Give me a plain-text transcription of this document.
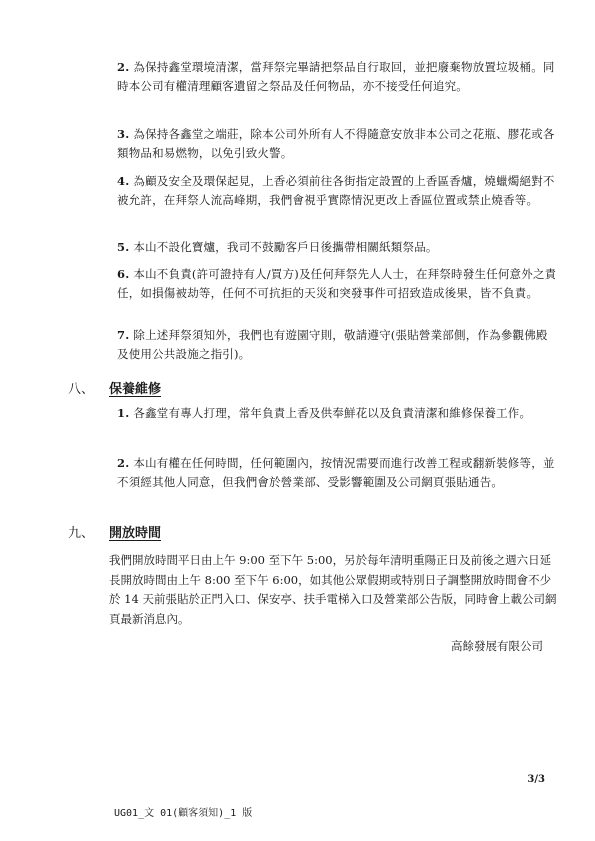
2. 為保持鑫堂環境清潔，當拜祭完畢請把祭品自行取回，並把廢棄物放置垃圾桶。同時本公司有權清理顧客遺留之祭品及任何物品，亦不接受任何追究。
3. 為保持各鑫堂之端莊，除本公司外所有人不得隨意安放非本公司之花瓶、膠花或各類物品和易燃物，以免引致火警。
4. 為顧及安全及環保起見，上香必須前往各街指定設置的上香區香爐，燒蠟燭絕對不被允許，在拜祭人流高峰期，我們會視乎實際情況更改上香區位置或禁止燒香等。
5. 本山不設化寶爐，我司不鼓勵客戶日後攜帶相關紙類祭品。
6. 本山不負責(許可證持有人/買方)及任何拜祭先人人士，在拜祭時發生任何意外之責任，如損傷被劫等，任何不可抗拒的天災和突發事件可招致造成後果，皆不負責。
7. 除上述拜祭須知外，我們也有遊園守則，敬請遵守(張貼營業部側，作為參觀佛殿及使用公共設施之指引)。
八、 保養維修
1. 各鑫堂有專人打理，常年負責上香及供奉鮮花以及負責清潔和維修保養工作。
2. 本山有權在任何時間，任何範圍內，按情況需要而進行改善工程或翻新裝修等，並不須經其他人同意，但我們會於營業部、受影響範圍及公司網頁張貼通告。
九、 開放時間
我們開放時間平日由上午 9:00 至下午 5:00，另於每年清明重陽正日及前後之週六日延長開放時間由上午 8:00 至下午 6:00，如其他公眾假期或特別日子調整開放時間會不少於 14 天前張貼於正門入口、保安亭、扶手電梯入口及營業部公告版，同時會上載公司網頁最新消息內。
高餘發展有限公司
3/3
UG01_文 01(顧客須知)_1 版
